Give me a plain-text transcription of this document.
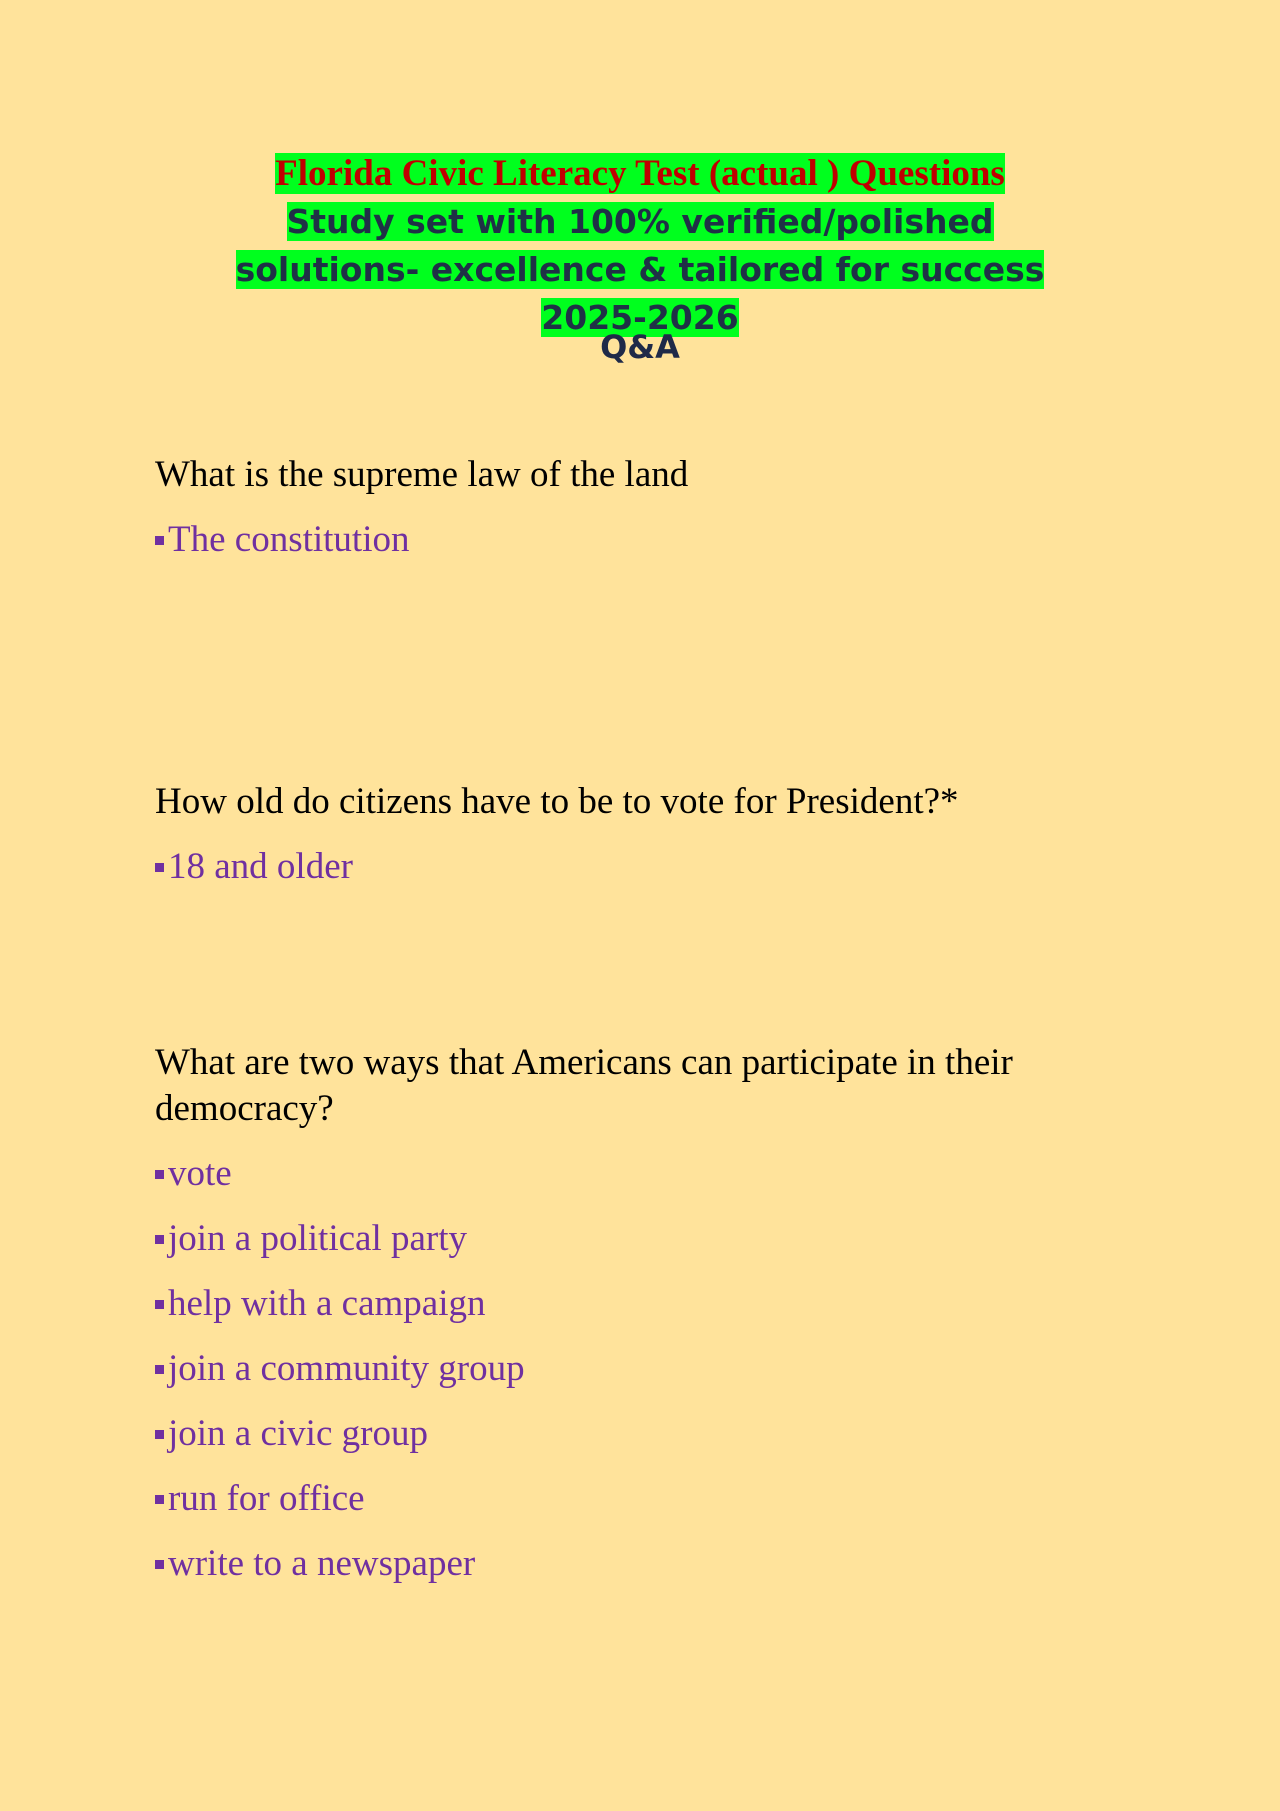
Florida Civic Literacy Test (actual ) Questions

Study set with 100% verified/polished solutions- excellence & tailored for success 2025-2026

Q&A

What is the supreme law of the land

The constitution

How old do citizens have to be to vote for President?*

18 and older

What are two ways that Americans can participate in their democracy?

vote

join a political party

help with a campaign

join a community group

join a civic group

run for office

write to a newspaper
